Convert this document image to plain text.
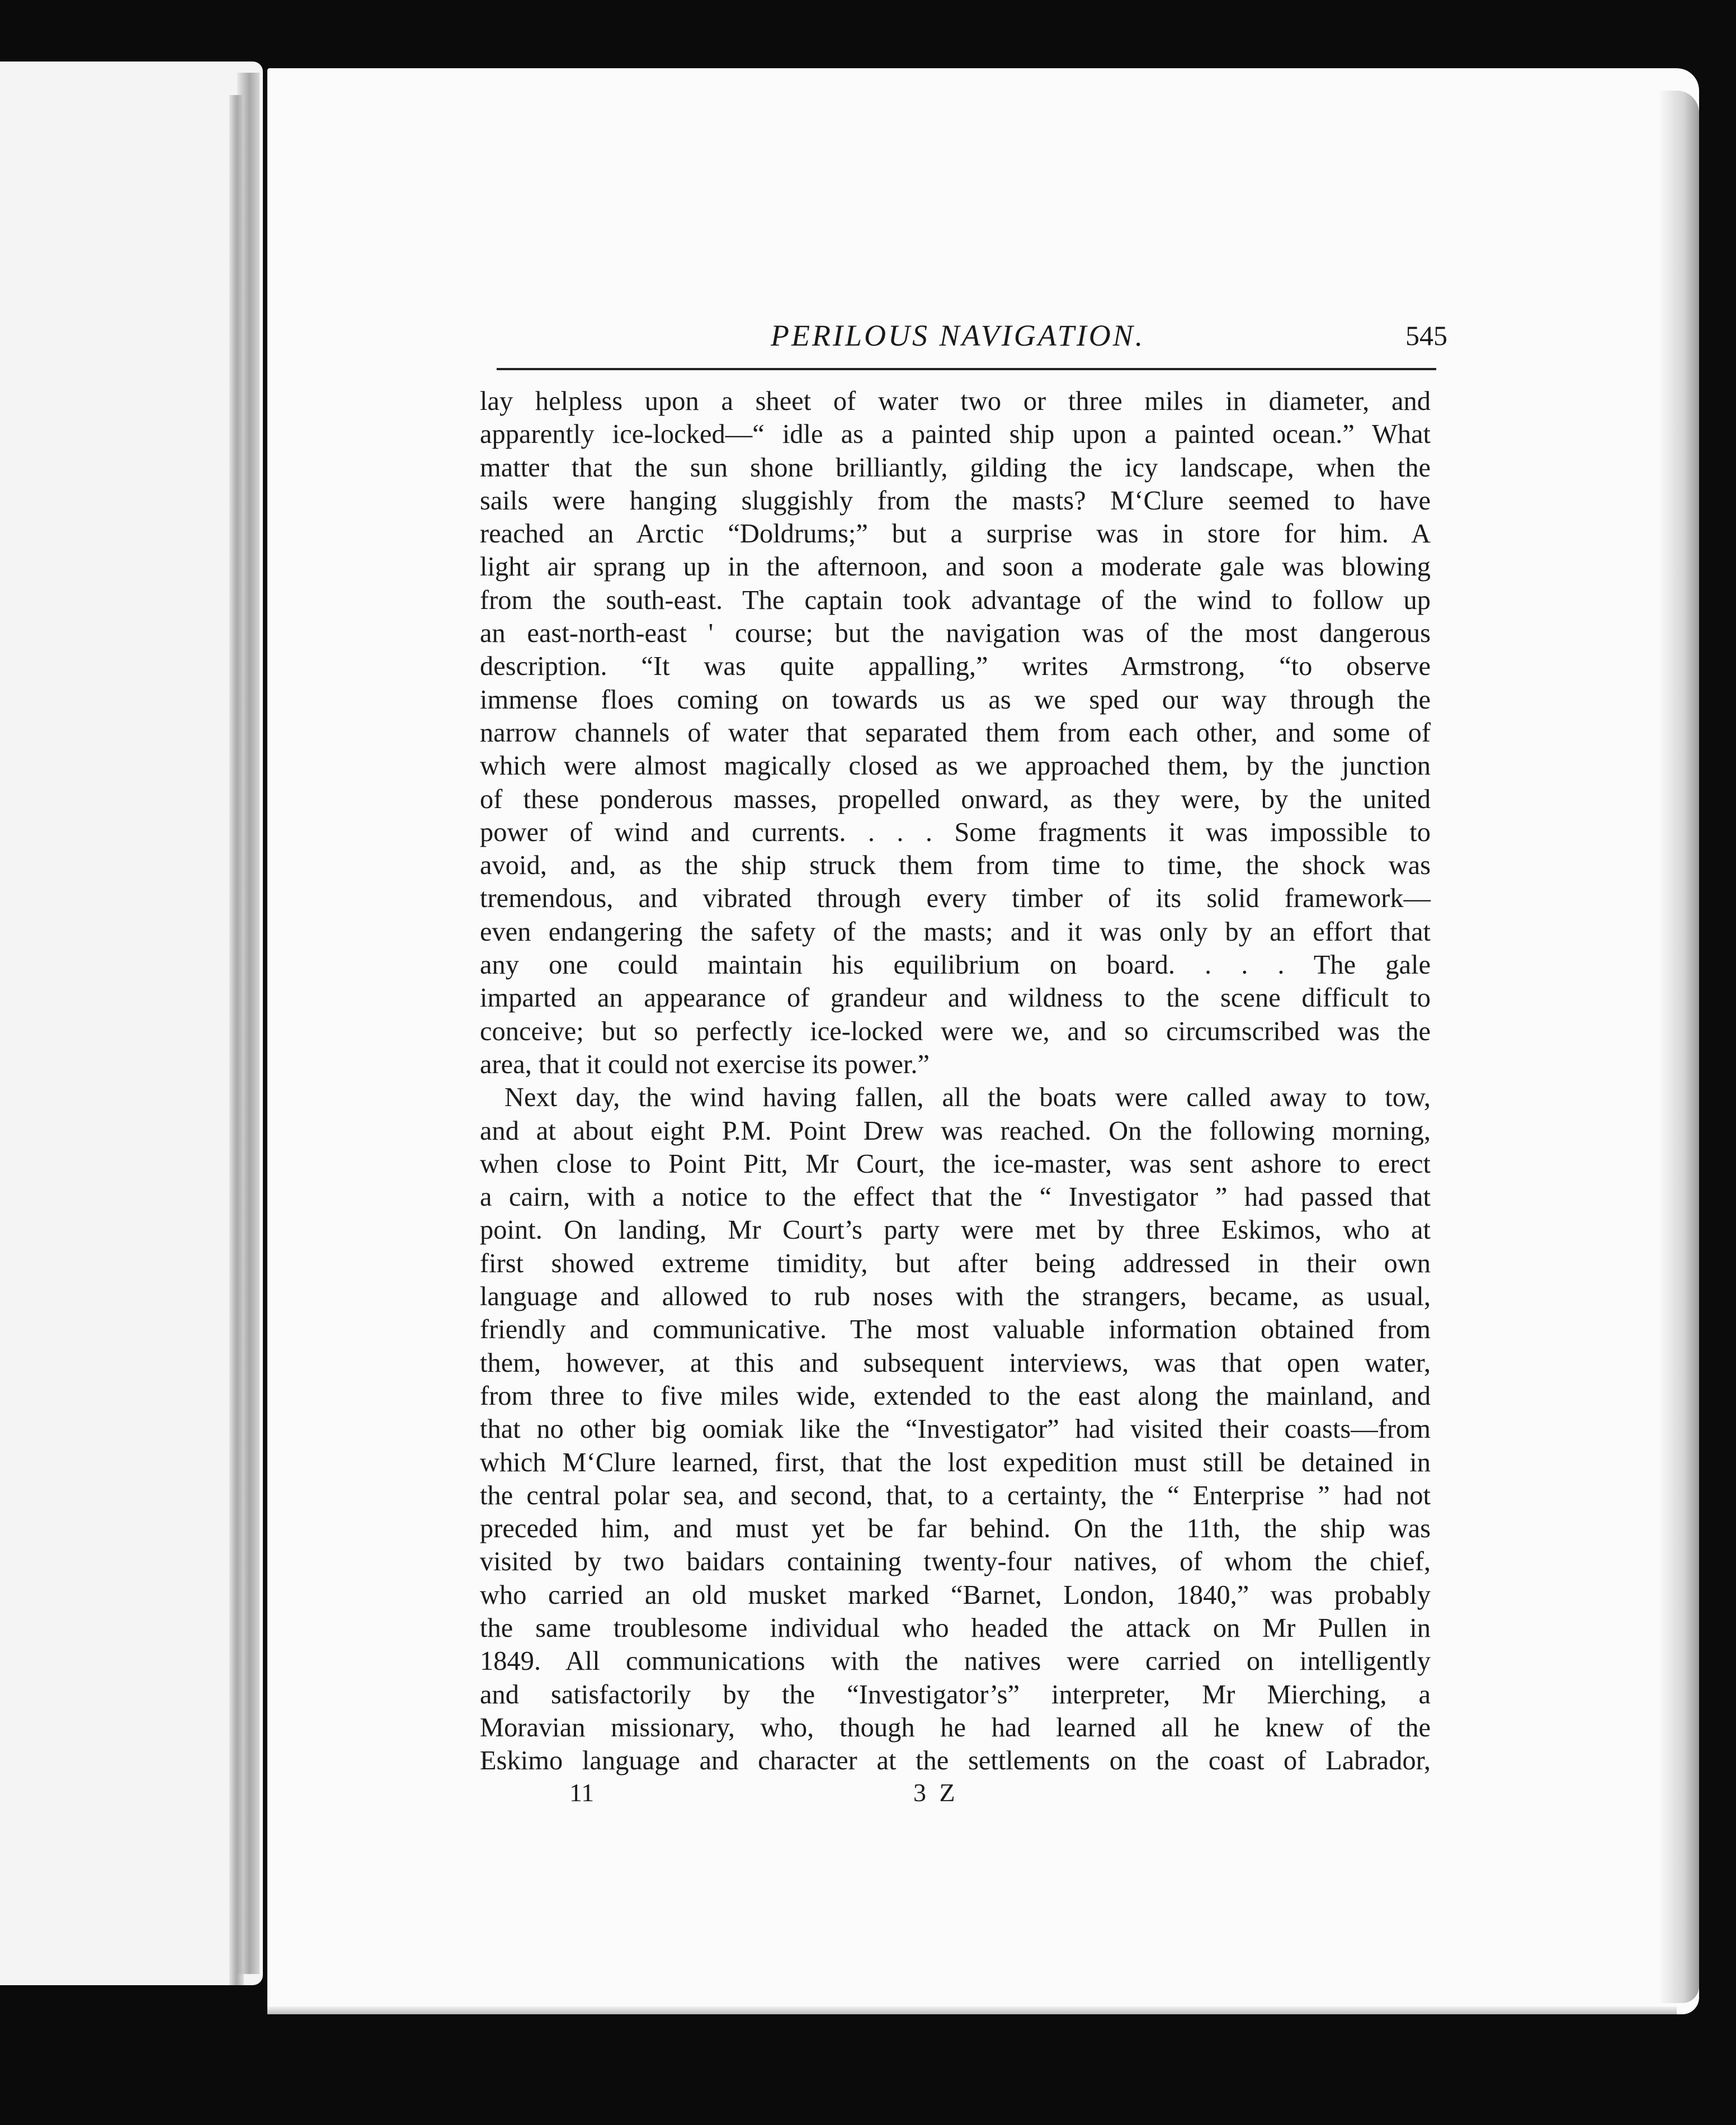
PERILOUS NAVIGATION.	545
lay helpless upon a sheet of water two or three miles in diameter, and
apparently ice-locked—“ idle as a painted ship upon a painted ocean.” What
matter that the sun shone brilliantly, gilding the icy landscape, when the
sails were hanging sluggishly from the masts? M‘Clure seemed to have
reached an Arctic “Doldrums;” but a surprise was in store for him. A
light air sprang up in the afternoon, and soon a moderate gale was blowing
from the south-east. The captain took advantage of the wind to follow up
an east-north-east ' course; but the navigation was of the most dangerous
description. “It was quite appalling,” writes Armstrong, “to observe
immense floes coming on towards us as we sped our way through the
narrow channels of water that separated them from each other, and some of
which were almost magically closed as we approached them, by the junction
of these ponderous masses, propelled onward, as they were, by the united
power of wind and currents. . . . Some fragments it was impossible to
avoid, and, as the ship struck them from time to time, the shock was
tremendous, and vibrated through every timber of its solid framework—
even endangering the safety of the masts; and it was only by an effort that
any one could maintain his equilibrium on board. . . . The gale
imparted an appearance of grandeur and wildness to the scene difficult to
conceive; but so perfectly ice-locked were we, and so circumscribed was the
area, that it could not exercise its power.”
Next day, the wind having fallen, all the boats were called away to tow,
and at about eight P.M. Point Drew was reached. On the following morning,
when close to Point Pitt, Mr Court, the ice-master, was sent ashore to erect
a cairn, with a notice to the effect that the “ Investigator ” had passed that
point. On landing, Mr Court’s party were met by three Eskimos, who at
first showed extreme timidity, but after being addressed in their own
language and allowed to rub noses with the strangers, became, as usual,
friendly and communicative. The most valuable information obtained from
them, however, at this and subsequent interviews, was that open water,
from three to five miles wide, extended to the east along the mainland, and
that no other big oomiak like the “Investigator” had visited their coasts—from
which M‘Clure learned, first, that the lost expedition must still be detained in
the central polar sea, and second, that, to a certainty, the “ Enterprise ” had not
preceded him, and must yet be far behind. On the 11th, the ship was
visited by two baidars containing twenty-four natives, of whom the chief,
who carried an old musket marked “Barnet, London, 1840,” was probably
the same troublesome individual who headed the attack on Mr Pullen in
1849. All communications with the natives were carried on intelligently
and satisfactorily by the “Investigator’s” interpreter, Mr Mierching, a
Moravian missionary, who, though he had learned all he knew of the
Eskimo language and character at the settlements on the coast of Labrador,
11	3 Z
